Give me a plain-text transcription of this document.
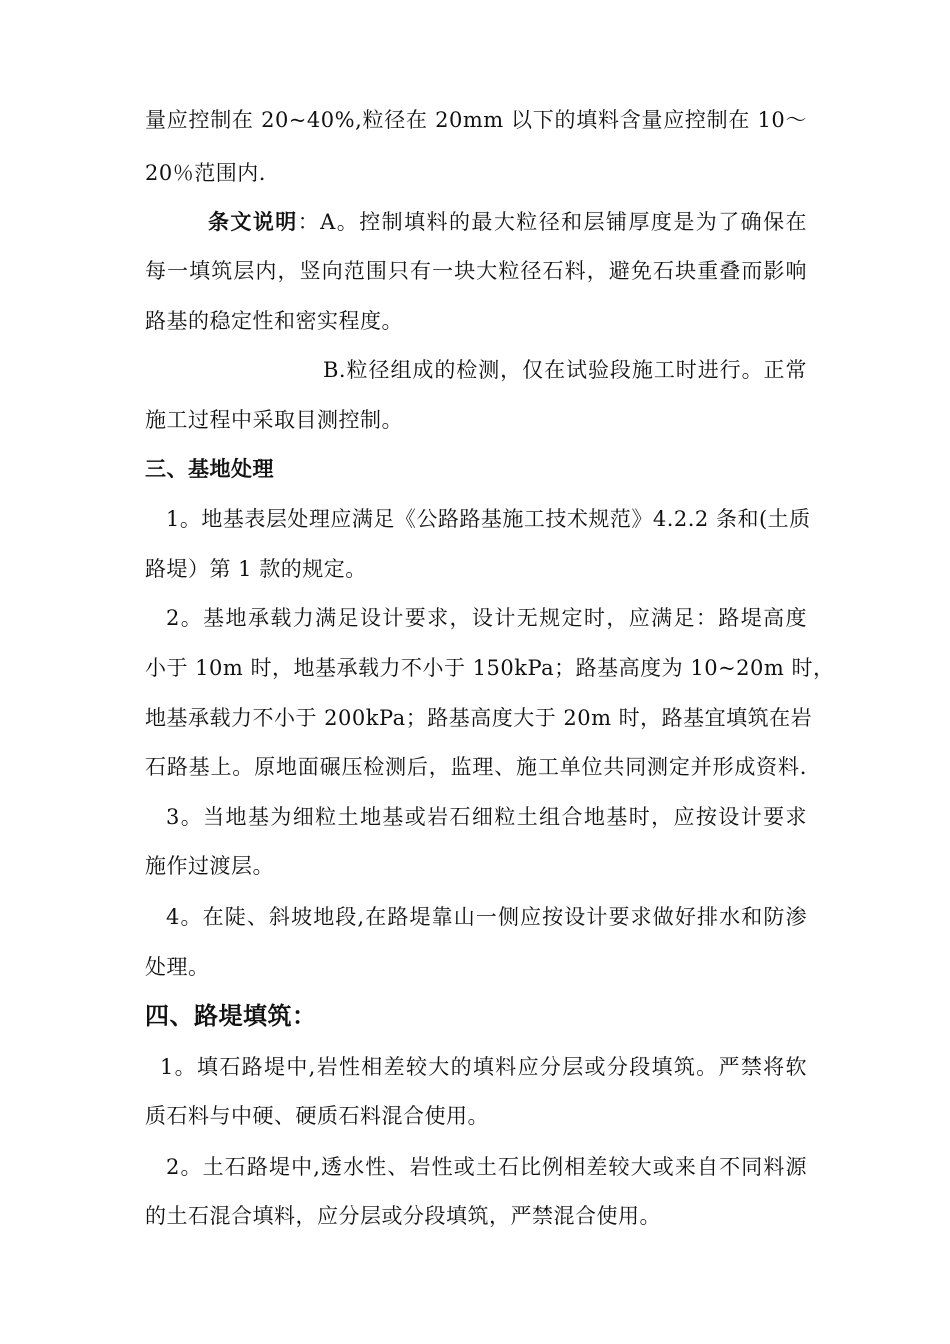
量应控制在 20~40%,粒径在 20mm 以下的填料含量应控制在 10～
20％范围内.
条文说明：A。控制填料的最大粒径和层铺厚度是为了确保在
每一填筑层内，竖向范围只有一块大粒径石料，避免石块重叠而影响
路基的稳定性和密实程度。
B.粒径组成的检测，仅在试验段施工时进行。正常
施工过程中采取目测控制。
三、基地处理
1。地基表层处理应满足《公路路基施工技术规范》4.2.2 条和(土质
路堤）第 1 款的规定。
2。基地承载力满足设计要求，设计无规定时，应满足：路堤高度
小于 10m 时，地基承载力不小于 150kPa；路基高度为 10~20m 时，
地基承载力不小于 200kPa；路基高度大于 20m 时，路基宜填筑在岩
石路基上。原地面碾压检测后，监理、施工单位共同测定并形成资料.
3。当地基为细粒土地基或岩石细粒土组合地基时，应按设计要求
施作过渡层。
4。在陡、斜坡地段,在路堤靠山一侧应按设计要求做好排水和防渗
处理。
四、路堤填筑：
1。填石路堤中,岩性相差较大的填料应分层或分段填筑。严禁将软
质石料与中硬、硬质石料混合使用。
2。土石路堤中,透水性、岩性或土石比例相差较大或来自不同料源
的土石混合填料，应分层或分段填筑，严禁混合使用。
